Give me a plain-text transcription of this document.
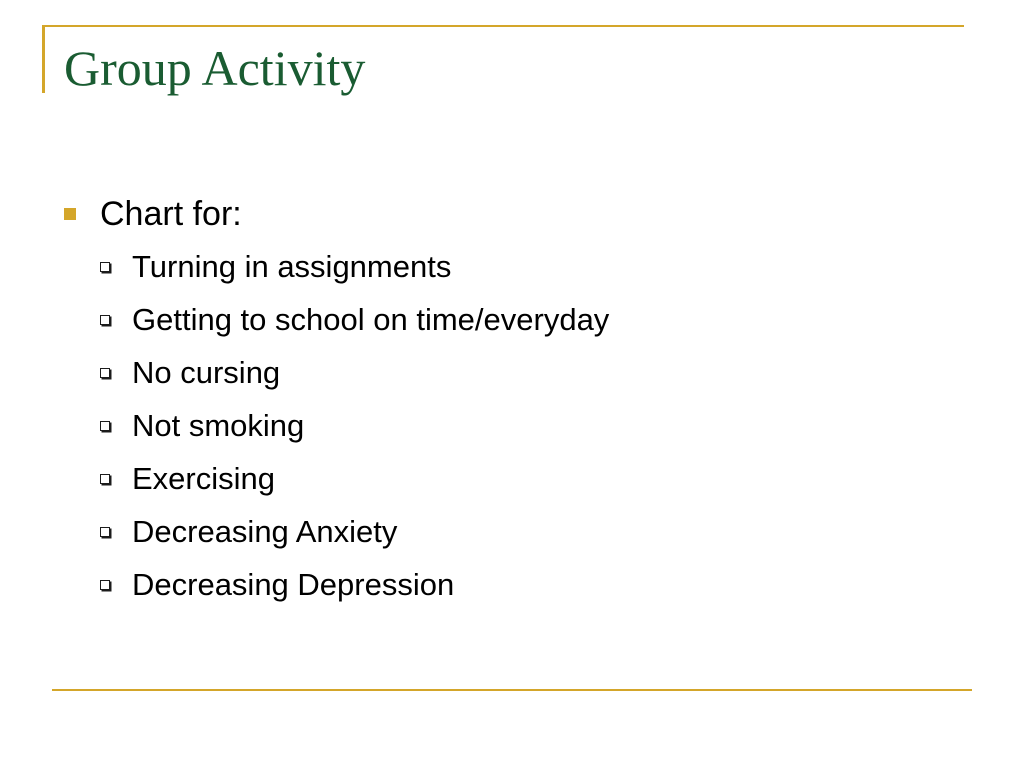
Group Activity
Chart for:
Turning in assignments
Getting to school on time/everyday
No cursing
Not smoking
Exercising
Decreasing Anxiety
Decreasing Depression
